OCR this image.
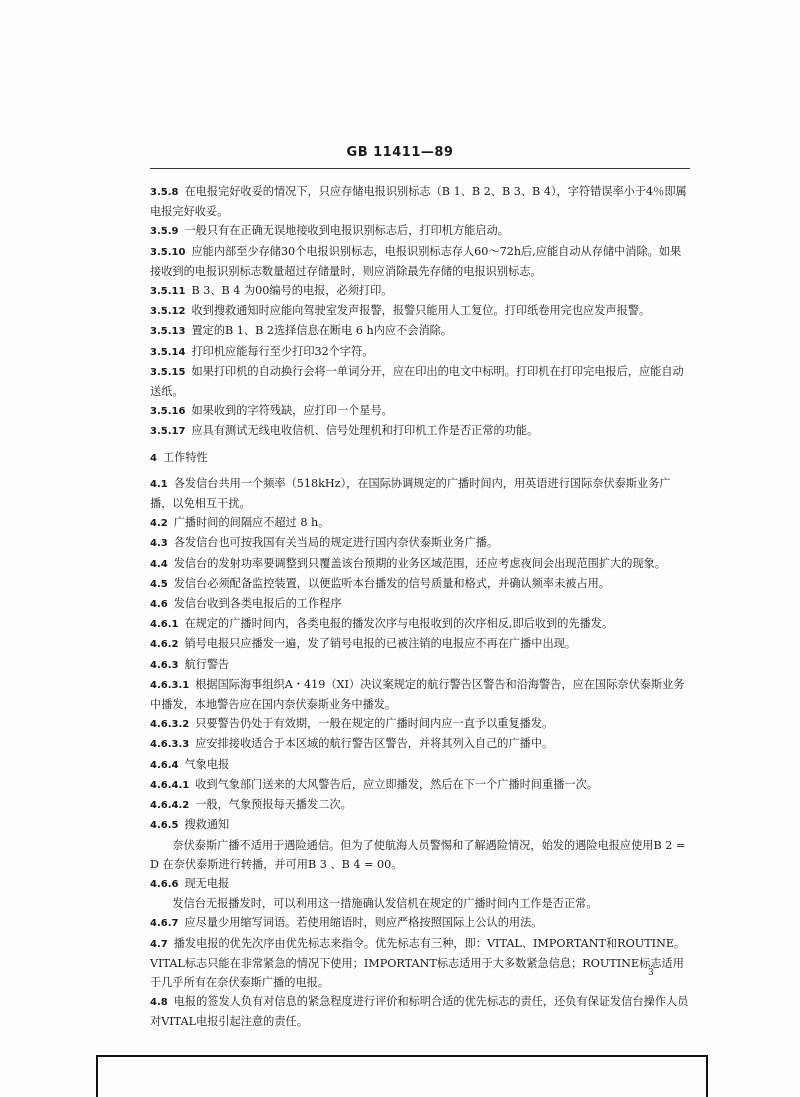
GB 11411—89

3.5.8 在电报完好收妥的情况下，只应存储电报识别标志（B 1、B 2、B 3、B 4），字符错误率小于4％即属电报完好收妥。

3.5.9 一般只有在正确无误地接收到电报识别标志后，打印机方能启动。

3.5.10 应能内部至少存储30个电报识别标志，电报识别标志存人60～72h后,应能自动从存储中消除。如果接收到的电报识别标志数量超过存储量时，则应消除最先存储的电报识别标志。

3.5.11 B 3、B 4 为00编号的电报，必须打印。

3.5.12 收到搜救通知时应能向驾驶室发声报警，报警只能用人工复位。打印纸卷用完也应发声报警。

3.5.13 置定的B 1、B 2选择信息在断电 6 h内应不会消除。

3.5.14 打印机应能每行至少打印32个字符。

3.5.15 如果打印机的自动换行会将一单词分开，应在印出的电文中标明。打印机在打印完电报后，应能自动送纸。

3.5.16 如果收到的字符残缺，应打印一个星号。

3.5.17 应具有测试无线电收信机、信号处理机和打印机工作是否正常的功能。

4 工作特性

4.1 各发信台共用一个频率（518kHz），在国际协调规定的广播时间内，用英语进行国际奈伏泰斯业务广播，以免相互干扰。

4.2 广播时间的间隔应不超过 8 h。

4.3 各发信台也可按我国有关当局的规定进行国内奈伏泰斯业务广播。

4.4 发信台的发射功率要调整到只覆盖该台预期的业务区域范围，还应考虑夜间会出现范围扩大的现象。

4.5 发信台必须配备监控装置，以便监听本台播发的信号质量和格式，并确认频率未被占用。

4.6 发信台收到各类电报后的工作程序

4.6.1 在规定的广播时间内，各类电报的播发次序与电报收到的次序相反,即后收到的先播发。

4.6.2 销号电报只应播发一遍，发了销号电报的已被注销的电报应不再在广播中出现。

4.6.3 航行警告

4.6.3.1 根据国际海事组织A・419（XI）决议案规定的航行警告区警告和沿海警告，应在国际奈伏泰斯业务中播发，本地警告应在国内奈伏泰斯业务中播发。

4.6.3.2 只要警告仍处于有效期，一般在规定的广播时间内应一直予以重复播发。

4.6.3.3 应安排接收适合于本区域的航行警告区警告，并将其列入自己的广播中。

4.6.4 气象电报

4.6.4.1 收到气象部门送来的大风警告后，应立即播发，然后在下一个广播时间重播一次。

4.6.4.2 一般，气象预报每天播发二次。

4.6.5 搜救通知

奈伏泰斯广播不适用于遇险通信。但为了使航海人员警惕和了解遇险情况，始发的遇险电报应使用B 2 = D 在奈伏泰斯进行转播，并可用B 3 、B 4 = 00。

4.6.6 现无电报

发信台无报播发时，可以利用这一措施确认发信机在规定的广播时间内工作是否正常。

4.6.7 应尽量少用缩写词语。若使用缩语时，则应严格按照国际上公认的用法。

4.7 播发电报的优先次序由优先标志来指令。优先标志有三种，即：VITAL、IMPORTANT和ROUTINE。VITAL标志只能在非常紧急的情况下使用；IMPORTANT标志适用于大多数紧急信息；ROUTINE标志适用于几乎所有在奈伏泰斯广播的电报。

4.8 电报的签发人负有对信息的紧急程度进行评价和标明合适的优先标志的责任，还负有保证发信台操作人员对VITAL电报引起注意的责任。

3
